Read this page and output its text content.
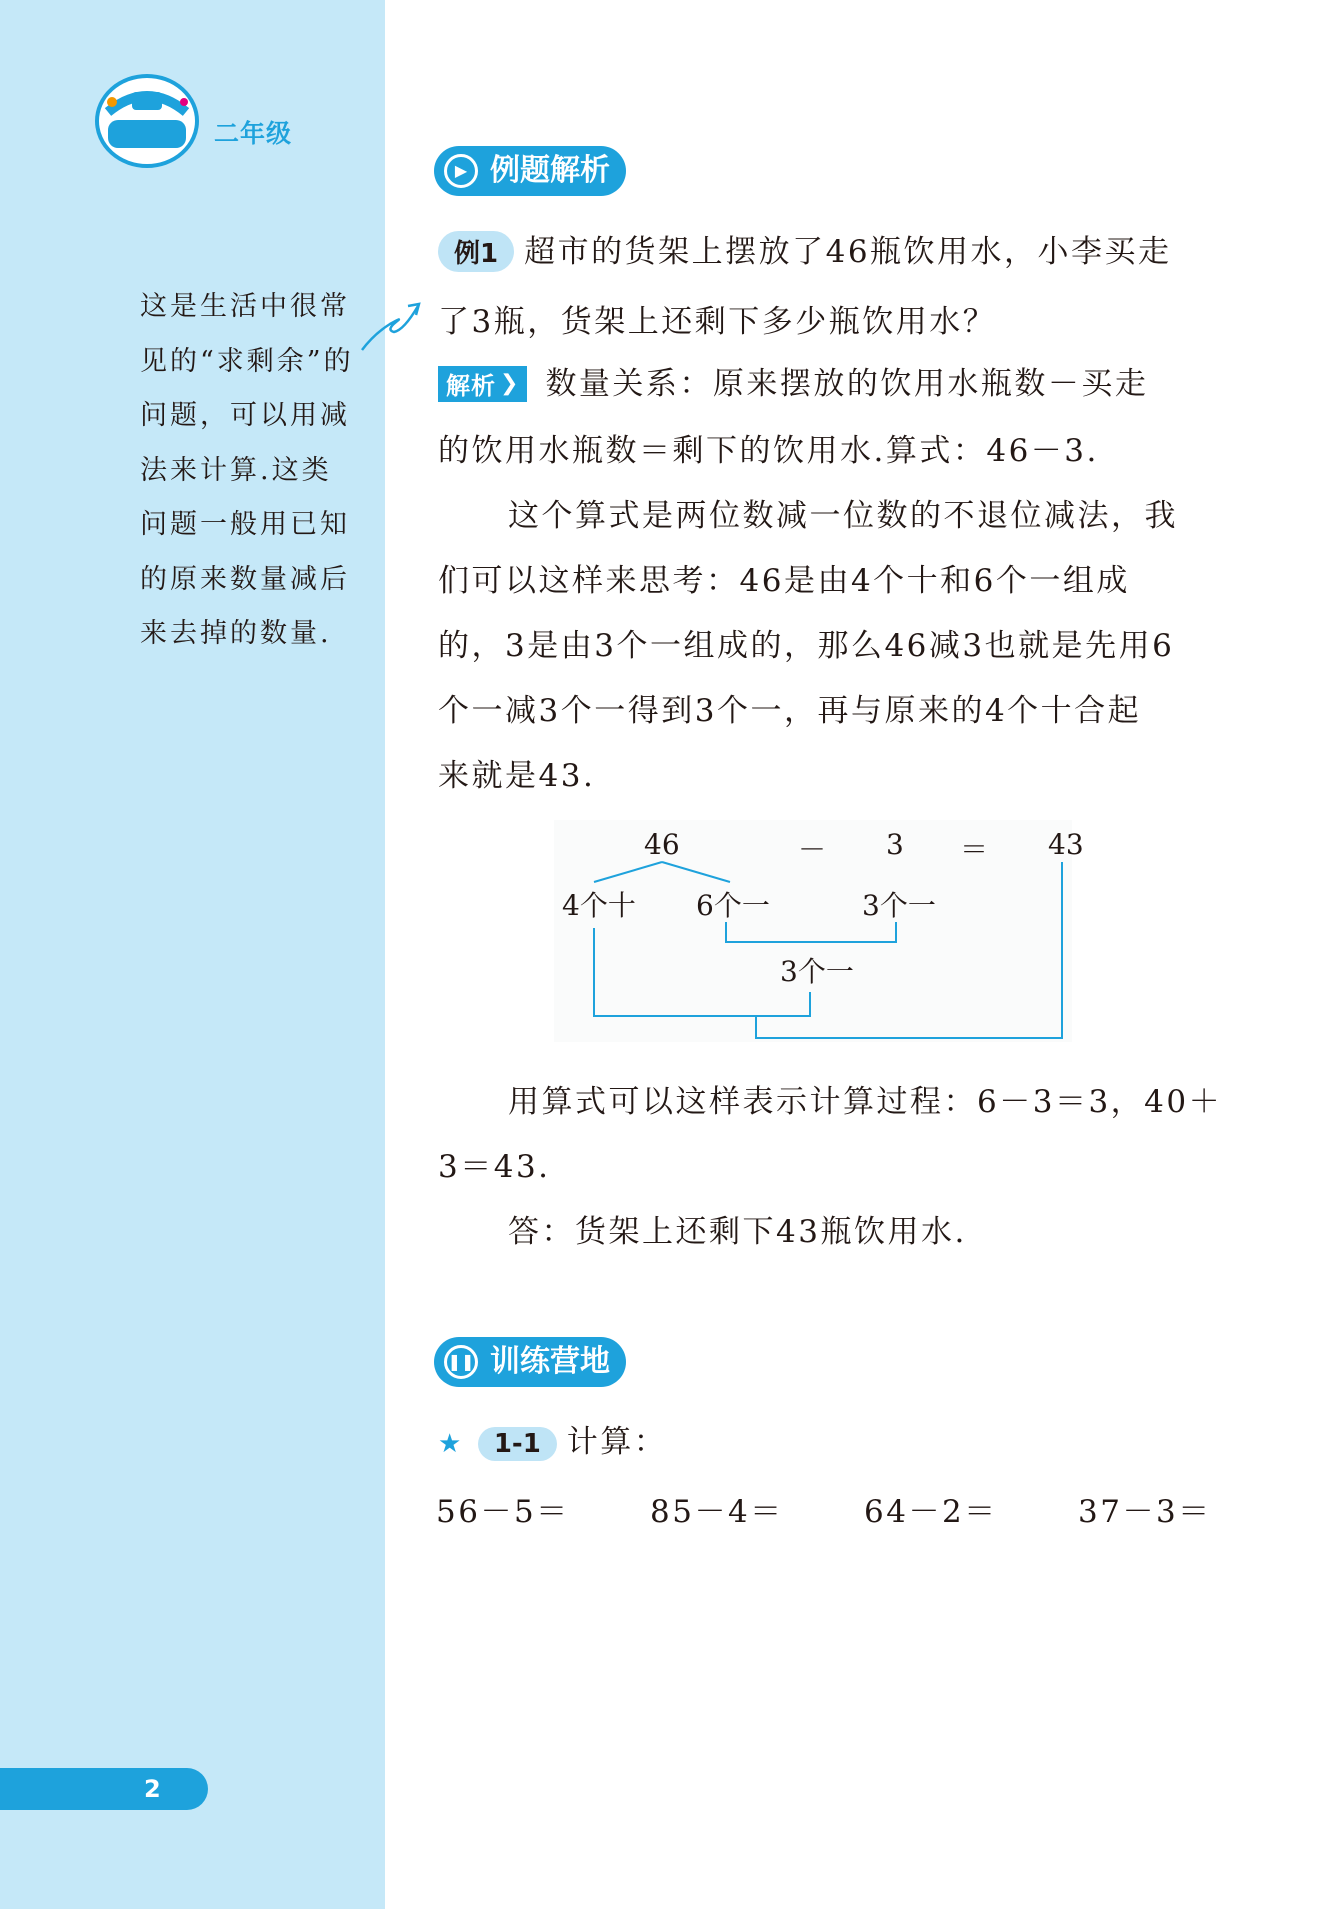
二年级
这是生活中很常
见的“求剩余”的
问题，可以用减
法来计算.这类
问题一般用已知
的原来数量减后
来去掉的数量.
2
▶ 例题解析
例1 超市的货架上摆放了46瓶饮用水，小李买走
了3瓶，货架上还剩下多少瓶饮用水？
解析 ❯ 数量关系：原来摆放的饮用水瓶数－买走
的饮用水瓶数＝剩下的饮用水.算式：46－3.
这个算式是两位数减一位数的不退位减法，我
们可以这样来思考：46是由4个十和6个一组成
的，3是由3个一组成的，那么46减3也就是先用6
个一减3个一得到3个一，再与原来的4个十合起
来就是43.
46	－ 3 ＝ 43
4个十 6个一	3个一
3个一
用算式可以这样表示计算过程：6－3＝3，40＋
3＝43.
答：货架上还剩下43瓶饮用水.
❚❚ 训练营地
★ 1-1 计算：
56－5＝	85－4＝	64－2＝	37－3＝
